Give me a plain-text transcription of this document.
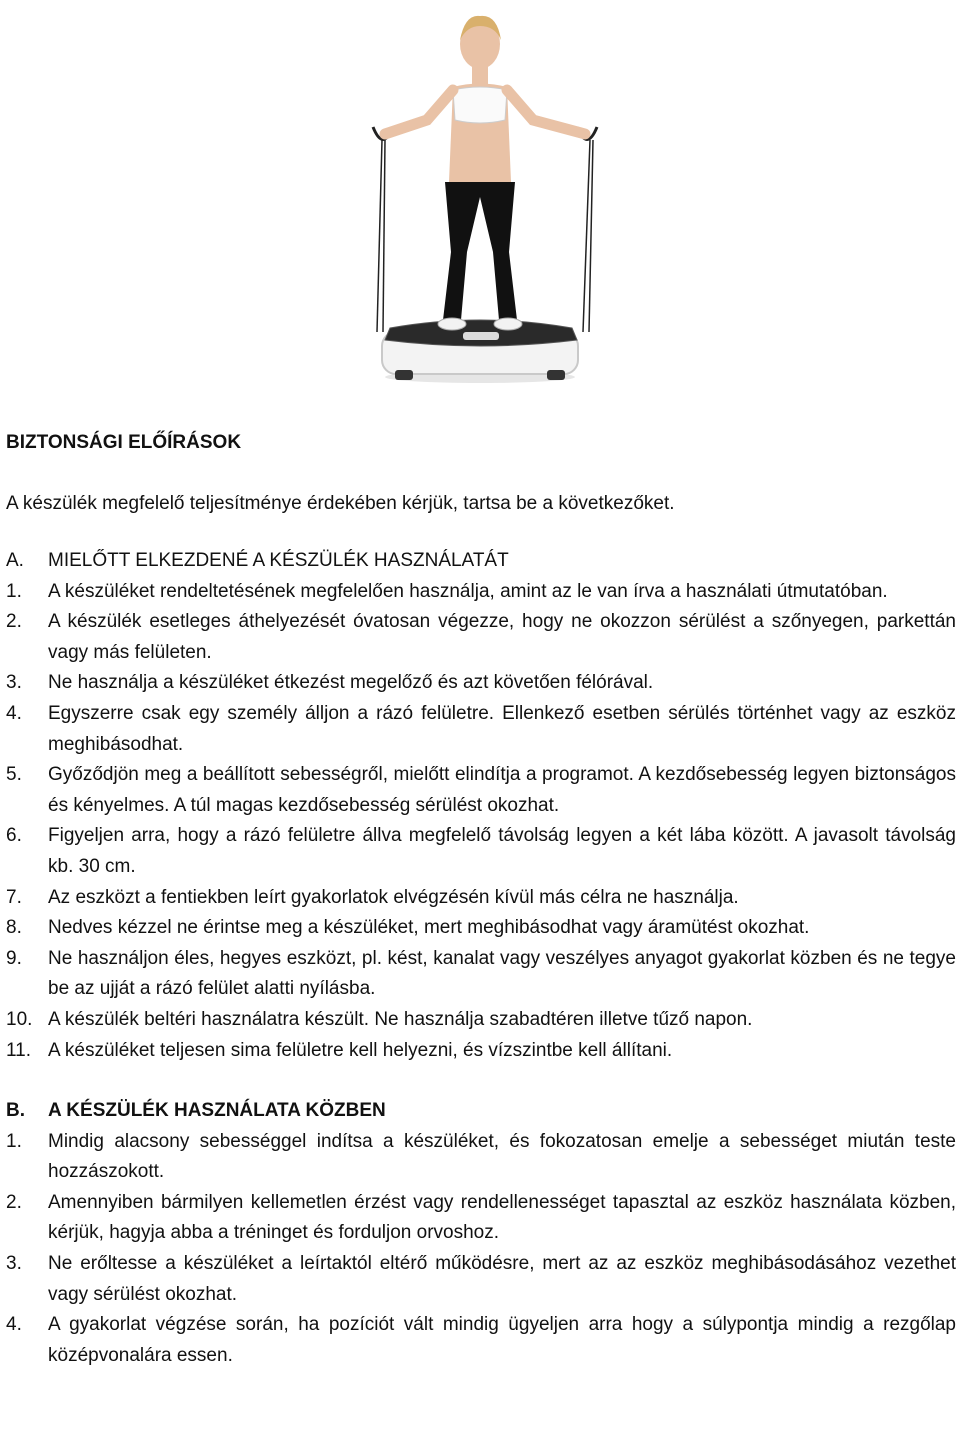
BIZTONSÁGI ELŐÍRÁSOK

A készülék megfelelő teljesítménye érdekében kérjük, tartsa be a következőket.

A.	MIELŐTT ELKEZDENÉ A KÉSZÜLÉK HASZNÁLATÁT
1.	A készüléket rendeltetésének megfelelően használja, amint az le van írva a használati útmutatóban.
2.	A készülék esetleges áthelyezését óvatosan végezze, hogy ne okozzon sérülést a szőnyegen, parkettán vagy más felületen.
3.	Ne használja a készüléket étkezést megelőző és azt követően félórával.
4.	Egyszerre csak egy személy álljon a rázó felületre. Ellenkező esetben sérülés történhet vagy az eszköz meghibásodhat.
5.	Győződjön meg a beállított sebességről, mielőtt elindítja a programot. A kezdősebesség legyen biztonságos és kényelmes. A túl magas kezdősebesség sérülést okozhat.
6.	Figyeljen arra, hogy a rázó felületre állva megfelelő távolság legyen a két lába között. A javasolt távolság kb. 30 cm.
7.	Az eszközt a fentiekben leírt gyakorlatok elvégzésén kívül más célra ne használja.
8.	Nedves kézzel ne érintse meg a készüléket, mert meghibásodhat vagy áramütést okozhat.
9.	Ne használjon éles, hegyes eszközt, pl. kést, kanalat vagy veszélyes anyagot gyakorlat közben és ne tegye be az ujját a rázó felület alatti nyílásba.
10. A készülék beltéri használatra készült. Ne használja szabadtéren illetve tűző napon.
11. A készüléket teljesen sima felületre kell helyezni, és vízszintbe kell állítani.
B.	A KÉSZÜLÉK HASZNÁLATA KÖZBEN
1.	Mindig alacsony sebességgel indítsa a készüléket, és fokozatosan emelje a sebességet miután teste hozzászokott.
2.	Amennyiben bármilyen kellemetlen érzést vagy rendellenességet tapasztal az eszköz használata közben, kérjük, hagyja abba a tréninget és forduljon orvoshoz.
3.	Ne erőltesse a készüléket a leírtaktól eltérő működésre, mert az az eszköz meghibásodásához vezethet vagy sérülést okozhat.
4.	A gyakorlat végzése során, ha pozíciót vált mindig ügyeljen arra hogy a súlypontja mindig a rezgőlap középvonalára essen.
